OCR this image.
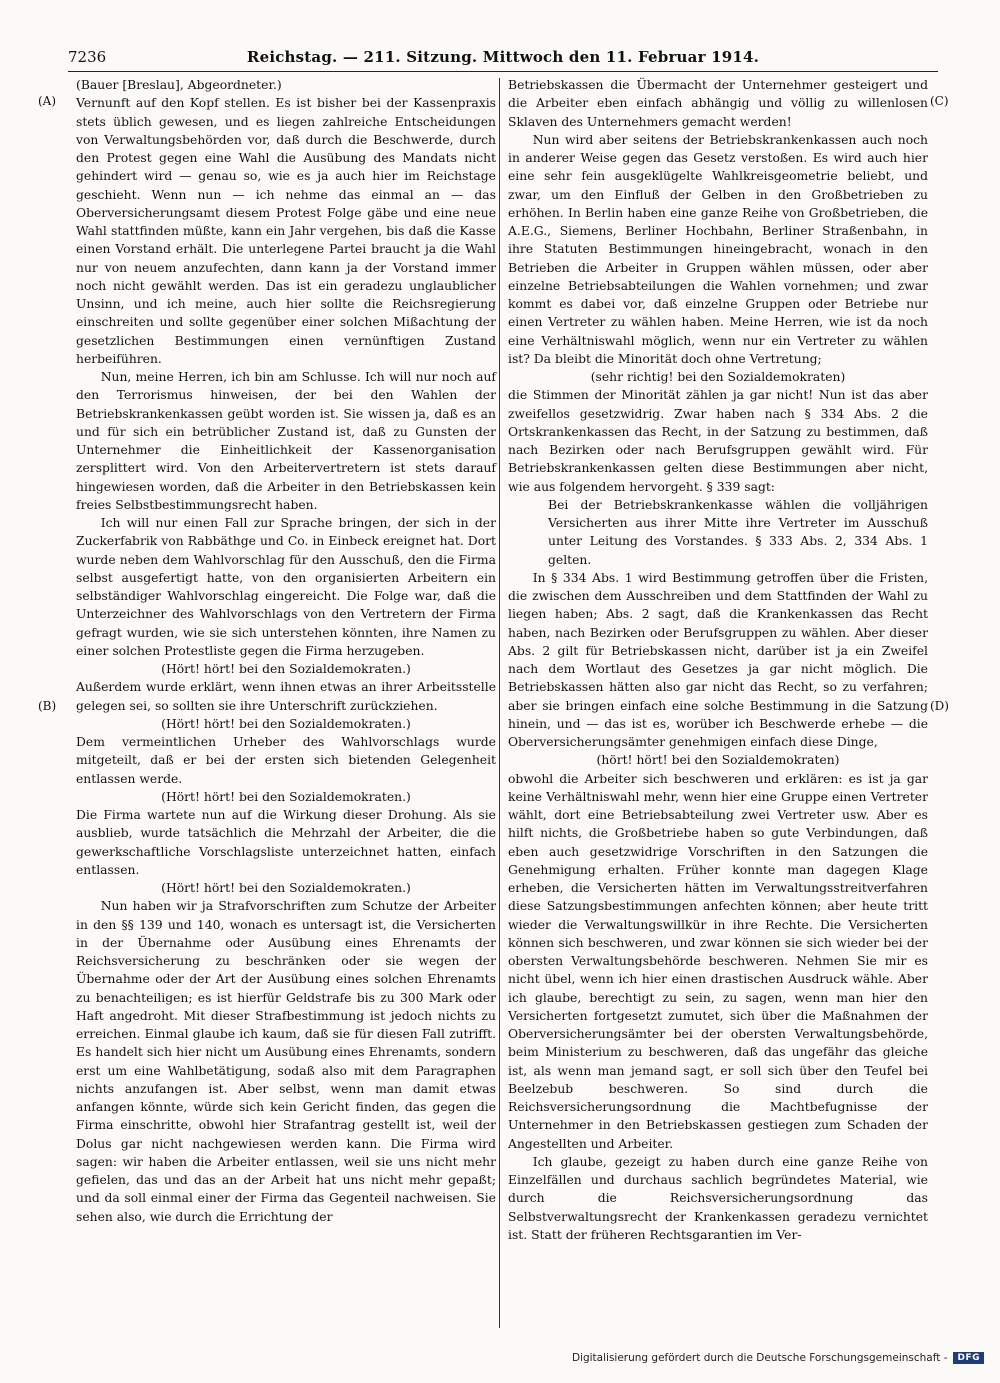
7236	Reichstag. — 211. Sitzung. Mittwoch den 11. Februar 1914.
(A)
(B)
(C)
(D)

(Bauer [Breslau], Abgeordneter.)

Vernunft auf den Kopf stellen. Es ist bisher bei der Kassenpraxis stets üblich gewesen, und es liegen zahlreiche Entscheidungen von Verwaltungsbehörden vor, daß durch die Beschwerde, durch den Protest gegen eine Wahl die Ausübung des Mandats nicht gehindert wird — genau so, wie es ja auch hier im Reichstage geschieht. Wenn nun — ich nehme das einmal an — das Oberversicherungsamt diesem Protest Folge gäbe und eine neue Wahl stattfinden müßte, kann ein Jahr vergehen, bis daß die Kasse einen Vorstand erhält. Die unterlegene Partei braucht ja die Wahl nur von neuem anzufechten, dann kann ja der Vorstand immer noch nicht gewählt werden. Das ist ein geradezu unglaublicher Unsinn, und ich meine, auch hier sollte die Reichsregierung einschreiten und sollte gegenüber einer solchen Mißachtung der gesetzlichen Bestimmungen einen vernünftigen Zustand herbeiführen.

Nun, meine Herren, ich bin am Schlusse. Ich will nur noch auf den Terrorismus hinweisen, der bei den Wahlen der Betriebskrankenkassen geübt worden ist. Sie wissen ja, daß es an und für sich ein betrüblicher Zustand ist, daß zu Gunsten der Unternehmer die Einheitlichkeit der Kassenorganisation zersplittert wird. Von den Arbeitervertretern ist stets darauf hingewiesen worden, daß die Arbeiter in den Betriebskassen kein freies Selbstbestimmungsrecht haben.

Ich will nur einen Fall zur Sprache bringen, der sich in der Zuckerfabrik von Rabbäthge und Co. in Einbeck ereignet hat. Dort wurde neben dem Wahlvorschlag für den Ausschuß, den die Firma selbst ausgefertigt hatte, von den organisierten Arbeitern ein selbständiger Wahlvorschlag eingereicht. Die Folge war, daß die Unterzeichner des Wahlvorschlags von den Vertretern der Firma gefragt wurden, wie sie sich unterstehen könnten, ihre Namen zu einer solchen Protestliste gegen die Firma herzugeben.

(Hört! hört! bei den Sozialdemokraten.)

Außerdem wurde erklärt, wenn ihnen etwas an ihrer Arbeitsstelle gelegen sei, so sollten sie ihre Unterschrift zurückziehen.

(Hört! hört! bei den Sozialdemokraten.)

Dem vermeintlichen Urheber des Wahlvorschlags wurde mitgeteilt, daß er bei der ersten sich bietenden Gelegenheit entlassen werde.

(Hört! hört! bei den Sozialdemokraten.)

Die Firma wartete nun auf die Wirkung dieser Drohung. Als sie ausblieb, wurde tatsächlich die Mehrzahl der Arbeiter, die die gewerkschaftliche Vorschlagsliste unterzeichnet hatten, einfach entlassen.

(Hört! hört! bei den Sozialdemokraten.)

Nun haben wir ja Strafvorschriften zum Schutze der Arbeiter in den §§ 139 und 140, wonach es untersagt ist, die Versicherten in der Übernahme oder Ausübung eines Ehrenamts der Reichsversicherung zu beschränken oder sie wegen der Übernahme oder der Art der Ausübung eines solchen Ehrenamts zu benachteiligen; es ist hierfür Geldstrafe bis zu 300 Mark oder Haft angedroht. Mit dieser Strafbestimmung ist jedoch nichts zu erreichen. Einmal glaube ich kaum, daß sie für diesen Fall zutrifft. Es handelt sich hier nicht um Ausübung eines Ehrenamts, sondern erst um eine Wahlbetätigung, sodaß also mit dem Paragraphen nichts anzufangen ist. Aber selbst, wenn man damit etwas anfangen könnte, würde sich kein Gericht finden, das gegen die Firma einschritte, obwohl hier Strafantrag gestellt ist, weil der Dolus gar nicht nachgewiesen werden kann. Die Firma wird sagen: wir haben die Arbeiter entlassen, weil sie uns nicht mehr gefielen, das und das an der Arbeit hat uns nicht mehr gepaßt; und da soll einmal einer der Firma das Gegenteil nachweisen. Sie sehen also, wie durch die Errichtung der

Betriebskassen die Übermacht der Unternehmer gesteigert und die Arbeiter eben einfach abhängig und völlig zu willenlosen Sklaven des Unternehmers gemacht werden!

Nun wird aber seitens der Betriebskrankenkassen auch noch in anderer Weise gegen das Gesetz verstoßen. Es wird auch hier eine sehr fein ausgeklügelte Wahlkreisgeometrie beliebt, und zwar, um den Einfluß der Gelben in den Großbetrieben zu erhöhen. In Berlin haben eine ganze Reihe von Großbetrieben, die A.E.G., Siemens, Berliner Hochbahn, Berliner Straßenbahn, in ihre Statuten Bestimmungen hineingebracht, wonach in den Betrieben die Arbeiter in Gruppen wählen müssen, oder aber einzelne Betriebsabteilungen die Wahlen vornehmen; und zwar kommt es dabei vor, daß einzelne Gruppen oder Betriebe nur einen Vertreter zu wählen haben. Meine Herren, wie ist da noch eine Verhältniswahl möglich, wenn nur ein Vertreter zu wählen ist? Da bleibt die Minorität doch ohne Vertretung;

(sehr richtig! bei den Sozialdemokraten)

die Stimmen der Minorität zählen ja gar nicht! Nun ist das aber zweifellos gesetzwidrig. Zwar haben nach § 334 Abs. 2 die Ortskrankenkassen das Recht, in der Satzung zu bestimmen, daß nach Bezirken oder nach Berufsgruppen gewählt wird. Für Betriebskrankenkassen gelten diese Bestimmungen aber nicht, wie aus folgendem hervorgeht. § 339 sagt:

Bei der Betriebskrankenkasse wählen die volljährigen Versicherten aus ihrer Mitte ihre Vertreter im Ausschuß unter Leitung des Vorstandes. § 333 Abs. 2, 334 Abs. 1 gelten.

In § 334 Abs. 1 wird Bestimmung getroffen über die Fristen, die zwischen dem Ausschreiben und dem Stattfinden der Wahl zu liegen haben; Abs. 2 sagt, daß die Krankenkassen das Recht haben, nach Bezirken oder Berufsgruppen zu wählen. Aber dieser Abs. 2 gilt für Betriebskassen nicht, darüber ist ja ein Zweifel nach dem Wortlaut des Gesetzes ja gar nicht möglich. Die Betriebskassen hätten also gar nicht das Recht, so zu verfahren; aber sie bringen einfach eine solche Bestimmung in die Satzung hinein, und — das ist es, worüber ich Beschwerde erhebe — die Oberversicherungsämter genehmigen einfach diese Dinge,

(hört! hört! bei den Sozialdemokraten)

obwohl die Arbeiter sich beschweren und erklären: es ist ja gar keine Verhältniswahl mehr, wenn hier eine Gruppe einen Vertreter wählt, dort eine Betriebsabteilung zwei Vertreter usw. Aber es hilft nichts, die Großbetriebe haben so gute Verbindungen, daß eben auch gesetzwidrige Vorschriften in den Satzungen die Genehmigung erhalten. Früher konnte man dagegen Klage erheben, die Versicherten hätten im Verwaltungsstreitverfahren diese Satzungsbestimmungen anfechten können; aber heute tritt wieder die Verwaltungswillkür in ihre Rechte. Die Versicherten können sich beschweren, und zwar können sie sich wieder bei der obersten Verwaltungsbehörde beschweren. Nehmen Sie mir es nicht übel, wenn ich hier einen drastischen Ausdruck wähle. Aber ich glaube, berechtigt zu sein, zu sagen, wenn man hier den Versicherten fortgesetzt zumutet, sich über die Maßnahmen der Oberversicherungsämter bei der obersten Verwaltungsbehörde, beim Ministerium zu beschweren, daß das ungefähr das gleiche ist, als wenn man jemand sagt, er soll sich über den Teufel bei Beelzebub beschweren. So sind durch die Reichsversicherungsordnung die Machtbefugnisse der Unternehmer in den Betriebskassen gestiegen zum Schaden der Angestellten und Arbeiter.

Ich glaube, gezeigt zu haben durch eine ganze Reihe von Einzelfällen und durchaus sachlich begründetes Material, wie durch die Reichsversicherungsordnung das Selbstverwaltungsrecht der Krankenkassen geradezu vernichtet ist. Statt der früheren Rechtsgarantien im Ver-

Digitalisierung gefördert durch die Deutsche Forschungsgemeinschaft -	DFG
